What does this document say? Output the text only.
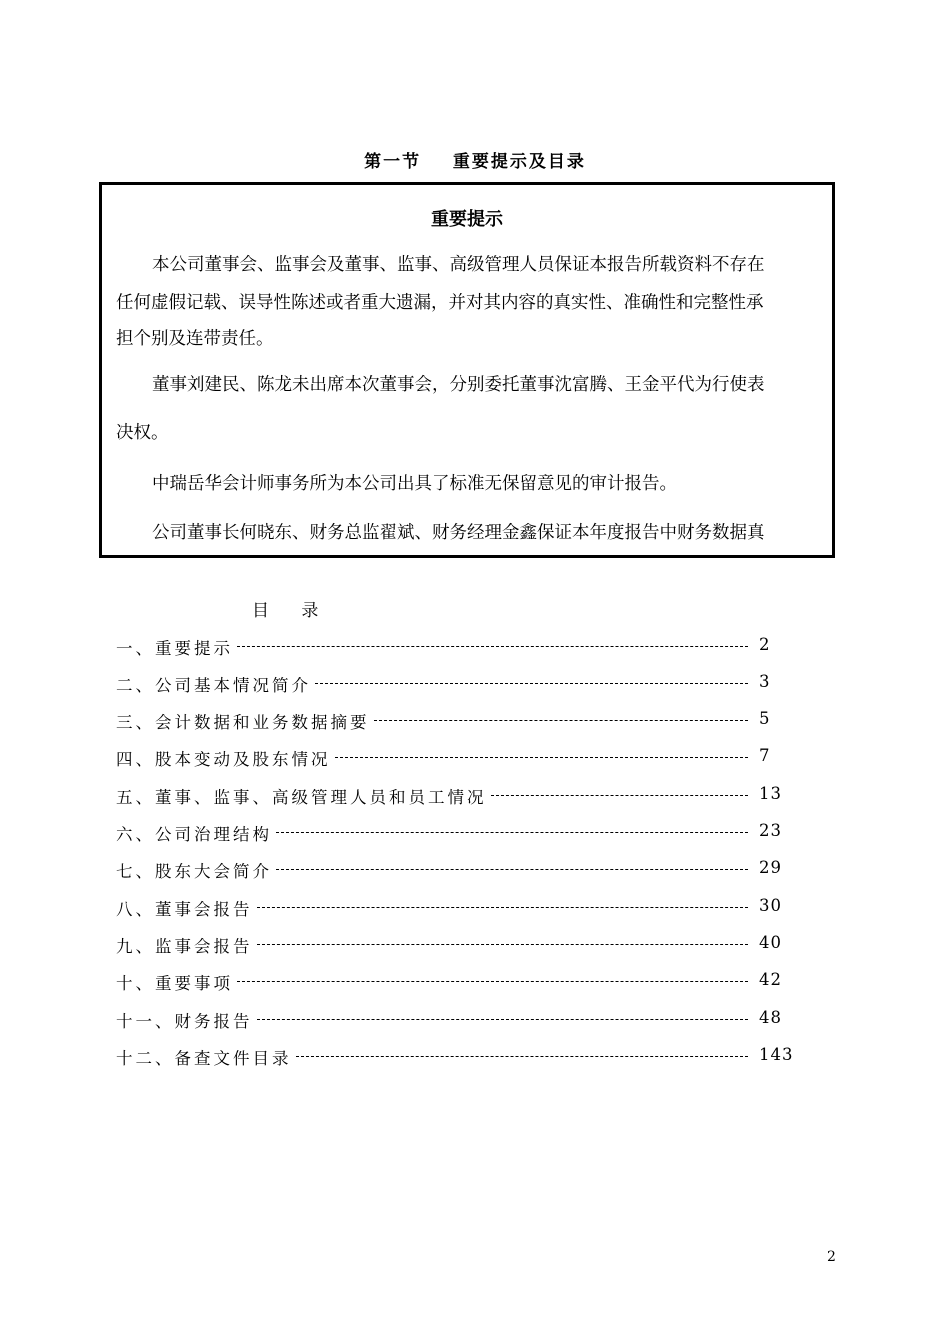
第一节    重要提示及目录
重要提示
本公司董事会、监事会及董事、监事、高级管理人员保证本报告所载资料不存在
任何虚假记载、误导性陈述或者重大遗漏，并对其内容的真实性、准确性和完整性承
担个别及连带责任。
董事刘建民、陈龙未出席本次董事会，分别委托董事沈富腾、王金平代为行使表
决权。
中瑞岳华会计师事务所为本公司出具了标准无保留意见的审计报告。
公司董事长何晓东、财务总监翟斌、财务经理金鑫保证本年度报告中财务数据真
目      录
一、重要提示	2
二、公司基本情况简介	3
三、会计数据和业务数据摘要	5
四、股本变动及股东情况	7
五、董事、监事、高级管理人员和员工情况	13
六、公司治理结构	23
七、股东大会简介	29
八、董事会报告	30
九、监事会报告	40
十、重要事项	42
十一、财务报告	48
十二、备查文件目录	143
2
